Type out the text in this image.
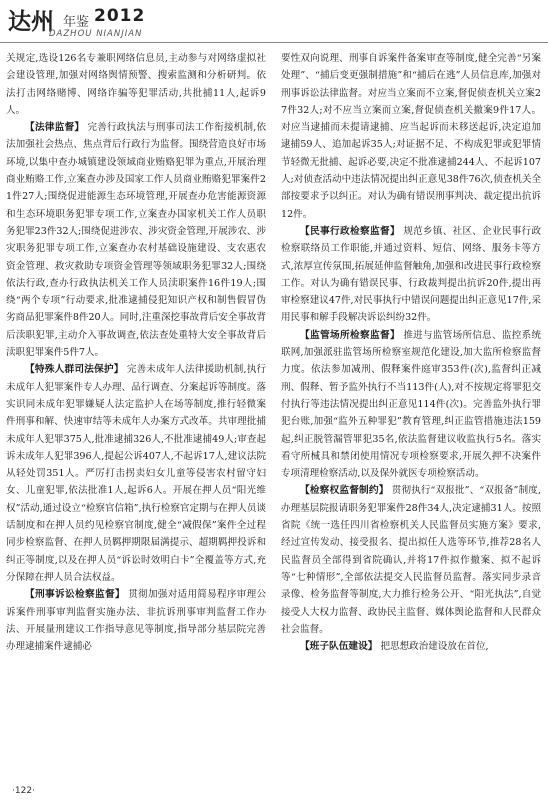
达州 年鉴 2012
DAZHOU NIANJIAN

关规定,选设126名专兼职网络信息员,主动参与对网络虚拟社会建设管理,加强对网络舆情预警、搜索监测和分析研判。依法打击网络赌博、网络诈骗等犯罪活动,共批捕11人,起诉9人。

【法律监督】 完善行政执法与刑事司法工作衔接机制,依法加强社会热点、焦点背后行政行为监督。围绕营造良好市场环境,以集中查办城镇建设领域商业贿赂犯罪为重点,开展治理商业贿赂工作,立案查办涉及国家工作人员商业贿赂犯罪案件21件27人;围绕促进能源生态环境管理,开展查办危害能源资源和生态环境职务犯罪专项工作,立案查办国家机关工作人员职务犯罪23件32人;围绕促进涉农、涉灾资金管理,开展涉农、涉灾职务犯罪专项工作,立案查办农村基础设施建设、支农惠农资金管理、救灾救助专项资金管理等领域职务犯罪32人;围绕依法行政,查办行政执法机关工作人员渎职案件16件19人;围绕“两个专项”行动要求,批准逮捕侵犯知识产权和制售假冒伪劣商品犯罪案件8件20人。同时,注重深挖事故背后安全事故背后渎职犯罪,主动介入事故调查,依法查处重特大安全事故背后渎职犯罪案件5件7人。

【特殊人群司法保护】 完善未成年人法律援助机制,执行未成年人犯罪案件专人办理、品行调查、分案起诉等制度。落实识同未成年犯罪嫌疑人法定监护人在场等制度,推行轻微案件刑事和解、快速审结等未成年人办案方式改革。共审理批捕未成年人犯罪375人,批准逮捕326人,不批准逮捕49人;审查起诉未成年人犯罪396人,提起公诉407人,不起诉17人,建议法院从轻处罚351人。严厉打击拐卖妇女儿童等侵害农村留守妇女、儿童犯罪,依法批准1人,起诉6人。开展在押人员“阳光维权”活动,通过设立“检察官信箱”,执行检察官定期与在押人员谈话制度和在押人员约见检察官制度,健全“减假保”案件全过程同步检察监督、在押人员羁押期限届满提示、超期羁押投诉和纠正等制度,以及在押人员“诉讼时效明白卡”全覆盖等方式,充分保障在押人员合法权益。

【刑事诉讼检察监督】 贯彻加强对适用简易程序审理公诉案件刑事审判监督实施办法、非抗诉刑事审判监督工作办法、开展量刑建议工作指导意见等制度,指导部分基层院完善办理逮捕案件逮捕必

要性双向说理、刑事自诉案件备案审查等制度,健全完善“另案处理”、“捕后变更强制措施”和“捕后在逃”人员信息库,加强对刑事诉讼法律监督。对应当立案而不立案,督促侦查机关立案27件32人;对不应当立案而立案,督促侦查机关撤案9件17人。对应当逮捕而未提请逮捕、应当起诉而未移送起诉,决定追加逮捕59人、追加起诉35人;对证据不足、不构成犯罪或犯罪情节轻微无批捕、起诉必要,决定不批准逮捕244人、不起诉107人;对侦查活动中违法情况提出纠正意见38件76次,侦查机关全部按要求予以纠正。对认为确有错误刑事判决、裁定提出抗诉12件。

【民事行政检察监督】 规范乡镇、社区、企业民事行政检察联络员工作职能,并通过资料、短信、网络、服务卡等方式,浓厚宣传氛围,拓展延伸监督触角,加强和改进民事行政检察工作。对认为确有错误民事、行政裁判提出抗诉20件,提出再审检察建议47件,对民事执行中错误问题提出纠正意见17件,采用民事和解手段解决诉讼纠纷32件。

【监管场所检察监督】 推进与监管场所信息、监控系统联网,加强派驻监管场所检察室规范化建设,加大监所检察监督力度。依法参加减刑、假释案件庭审353件(次),监督纠正减刑、假释、暂予监外执行不当113件(人),对不按规定将罪犯交付执行等违法情况提出纠正意见114件(次)。完善监外执行罪犯台账,加强“监外五种罪犯”教育管理,纠正监管措施违法159起,纠正脱管漏管罪犯35名,依法监督建议收监执行5名。落实看守所械具和禁闭使用情况专项检察要求,开展久押不决案件专项清理检察活动,以及保外就医专项检察活动。

【检察权监督制约】 贯彻执行“双报批”、“双报备”制度,办理基层院报请职务犯罪案件28件34人,决定逮捕31人。按照省院《统一选任四川省检察机关人民监督员实施方案》要求,经过宣传发动、接受报名、提出拟任人选等环节,推荐28名人民监督员全部得到省院确认,并将17件拟作撤案、拟不起诉等“七种情形”,全部依法提交人民监督员监督。落实同步录音录像、检务监督等制度,大力推行检务公开、“阳光执法”,自觉接受人大权力监督、政协民主监督、媒体舆论监督和人民群众社会监督。

【班子队伍建设】 把思想政治建设放在首位,

·122·
